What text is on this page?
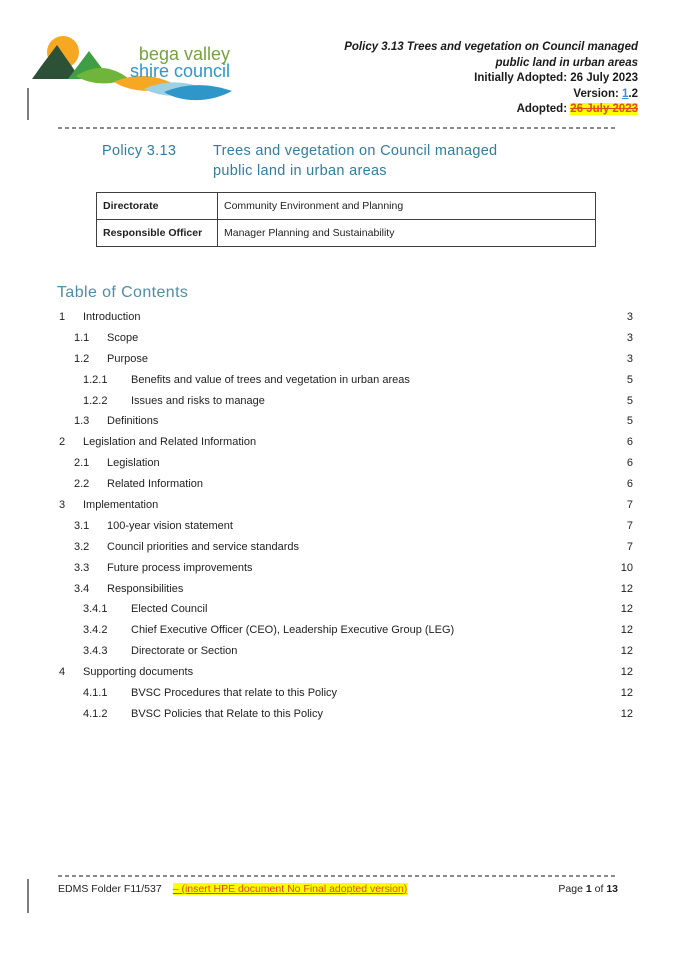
bega valley
shire council
Policy 3.13 Trees and vegetation on Council managed
public land in urban areas
Initially Adopted: 26 July 2023
Version: 1.2
Adopted: 26 July 2023
Policy 3.13	Trees and vegetation on Council managed
public land in urban areas
Directorate	Community Environment and Planning
Responsible Officer	Manager Planning and Sustainability
Table of Contents
1	Introduction	3
1.1	Scope	3
1.2	Purpose	3
1.2.1	Benefits and value of trees and vegetation in urban areas	5
1.2.2	Issues and risks to manage	5
1.3	Definitions	5
2	Legislation and Related Information	6
2.1	Legislation	6
2.2	Related Information	6
3	Implementation	7
3.1	100-year vision statement	7
3.2	Council priorities and service standards	7
3.3	Future process improvements	10
3.4	Responsibilities	12
3.4.1	Elected Council	12
3.4.2	Chief Executive Officer (CEO), Leadership Executive Group (LEG)	12
3.4.3	Directorate or Section	12
4	Supporting documents	12
4.1.1	BVSC Procedures that relate to this Policy	12
4.1.2	BVSC Policies that Relate to this Policy	12
EDMS Folder F11/537 – (insert HPE document No Final adopted version)	Page 1 of 13
